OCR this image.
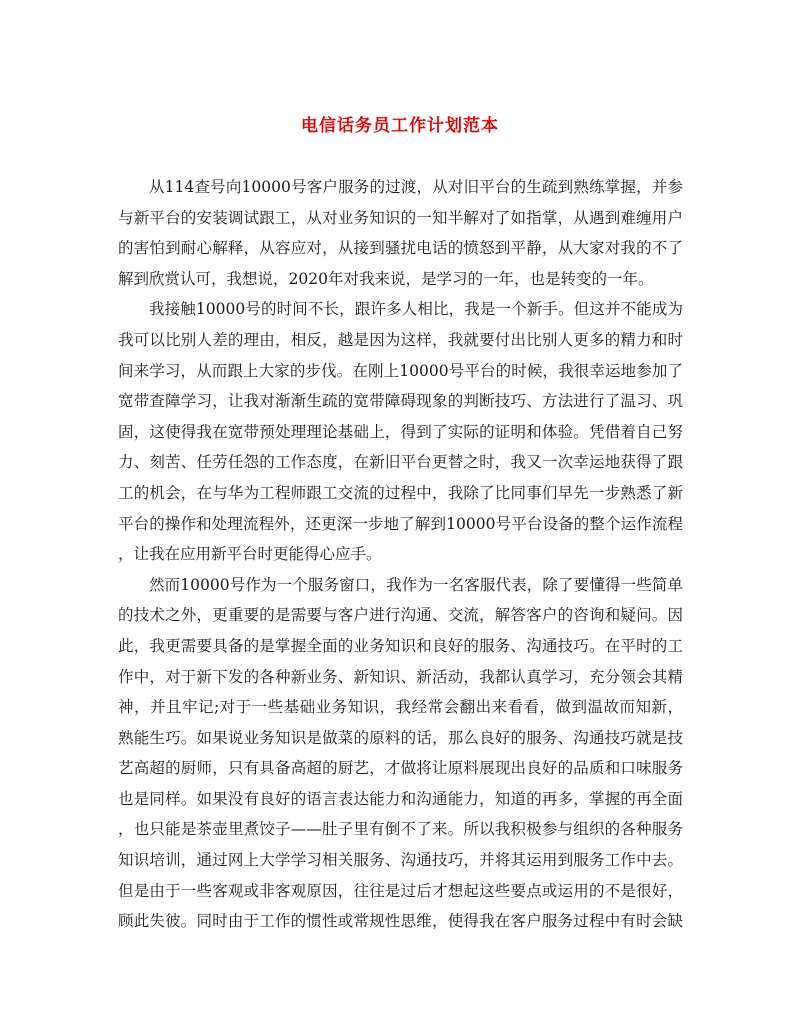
电信话务员工作计划范本
从114查号向10000号客户服务的过渡，从对旧平台的生疏到熟练掌握，并参
与新平台的安装调试跟工，从对业务知识的一知半解对了如指掌，从遇到难缠用户
的害怕到耐心解释，从容应对，从接到骚扰电话的愤怒到平静，从大家对我的不了
解到欣赏认可，我想说，2020年对我来说，是学习的一年，也是转变的一年。
我接触10000号的时间不长，跟许多人相比，我是一个新手。但这并不能成为
我可以比别人差的理由，相反，越是因为这样，我就要付出比别人更多的精力和时
间来学习，从而跟上大家的步伐。在刚上10000号平台的时候，我很幸运地参加了
宽带查障学习，让我对渐渐生疏的宽带障碍现象的判断技巧、方法进行了温习、巩
固，这使得我在宽带预处理理论基础上，得到了实际的证明和体验。凭借着自己努
力、刻苦、任劳任怨的工作态度，在新旧平台更替之时，我又一次幸运地获得了跟
工的机会，在与华为工程师跟工交流的过程中，我除了比同事们早先一步熟悉了新
平台的操作和处理流程外，还更深一步地了解到10000号平台设备的整个运作流程
，让我在应用新平台时更能得心应手。
然而10000号作为一个服务窗口，我作为一名客服代表，除了要懂得一些简单
的技术之外，更重要的是需要与客户进行沟通、交流，解答客户的咨询和疑问。因
此，我更需要具备的是掌握全面的业务知识和良好的服务、沟通技巧。在平时的工
作中，对于新下发的各种新业务、新知识、新活动，我都认真学习，充分领会其精
神，并且牢记;对于一些基础业务知识，我经常会翻出来看看，做到温故而知新，
熟能生巧。如果说业务知识是做菜的原料的话，那么良好的服务、沟通技巧就是技
艺高超的厨师，只有具备高超的厨艺，才做将让原料展现出良好的品质和口味服务
也是同样。如果没有良好的语言表达能力和沟通能力，知道的再多，掌握的再全面
，也只能是茶壶里煮饺子——肚子里有倒不了来。所以我积极参与组织的各种服务
知识培训，通过网上大学学习相关服务、沟通技巧，并将其运用到服务工作中去。
但是由于一些客观或非客观原因，往往是过后才想起这些要点或运用的不是很好，
顾此失彼。同时由于工作的惯性或常规性思维，使得我在客户服务过程中有时会缺
